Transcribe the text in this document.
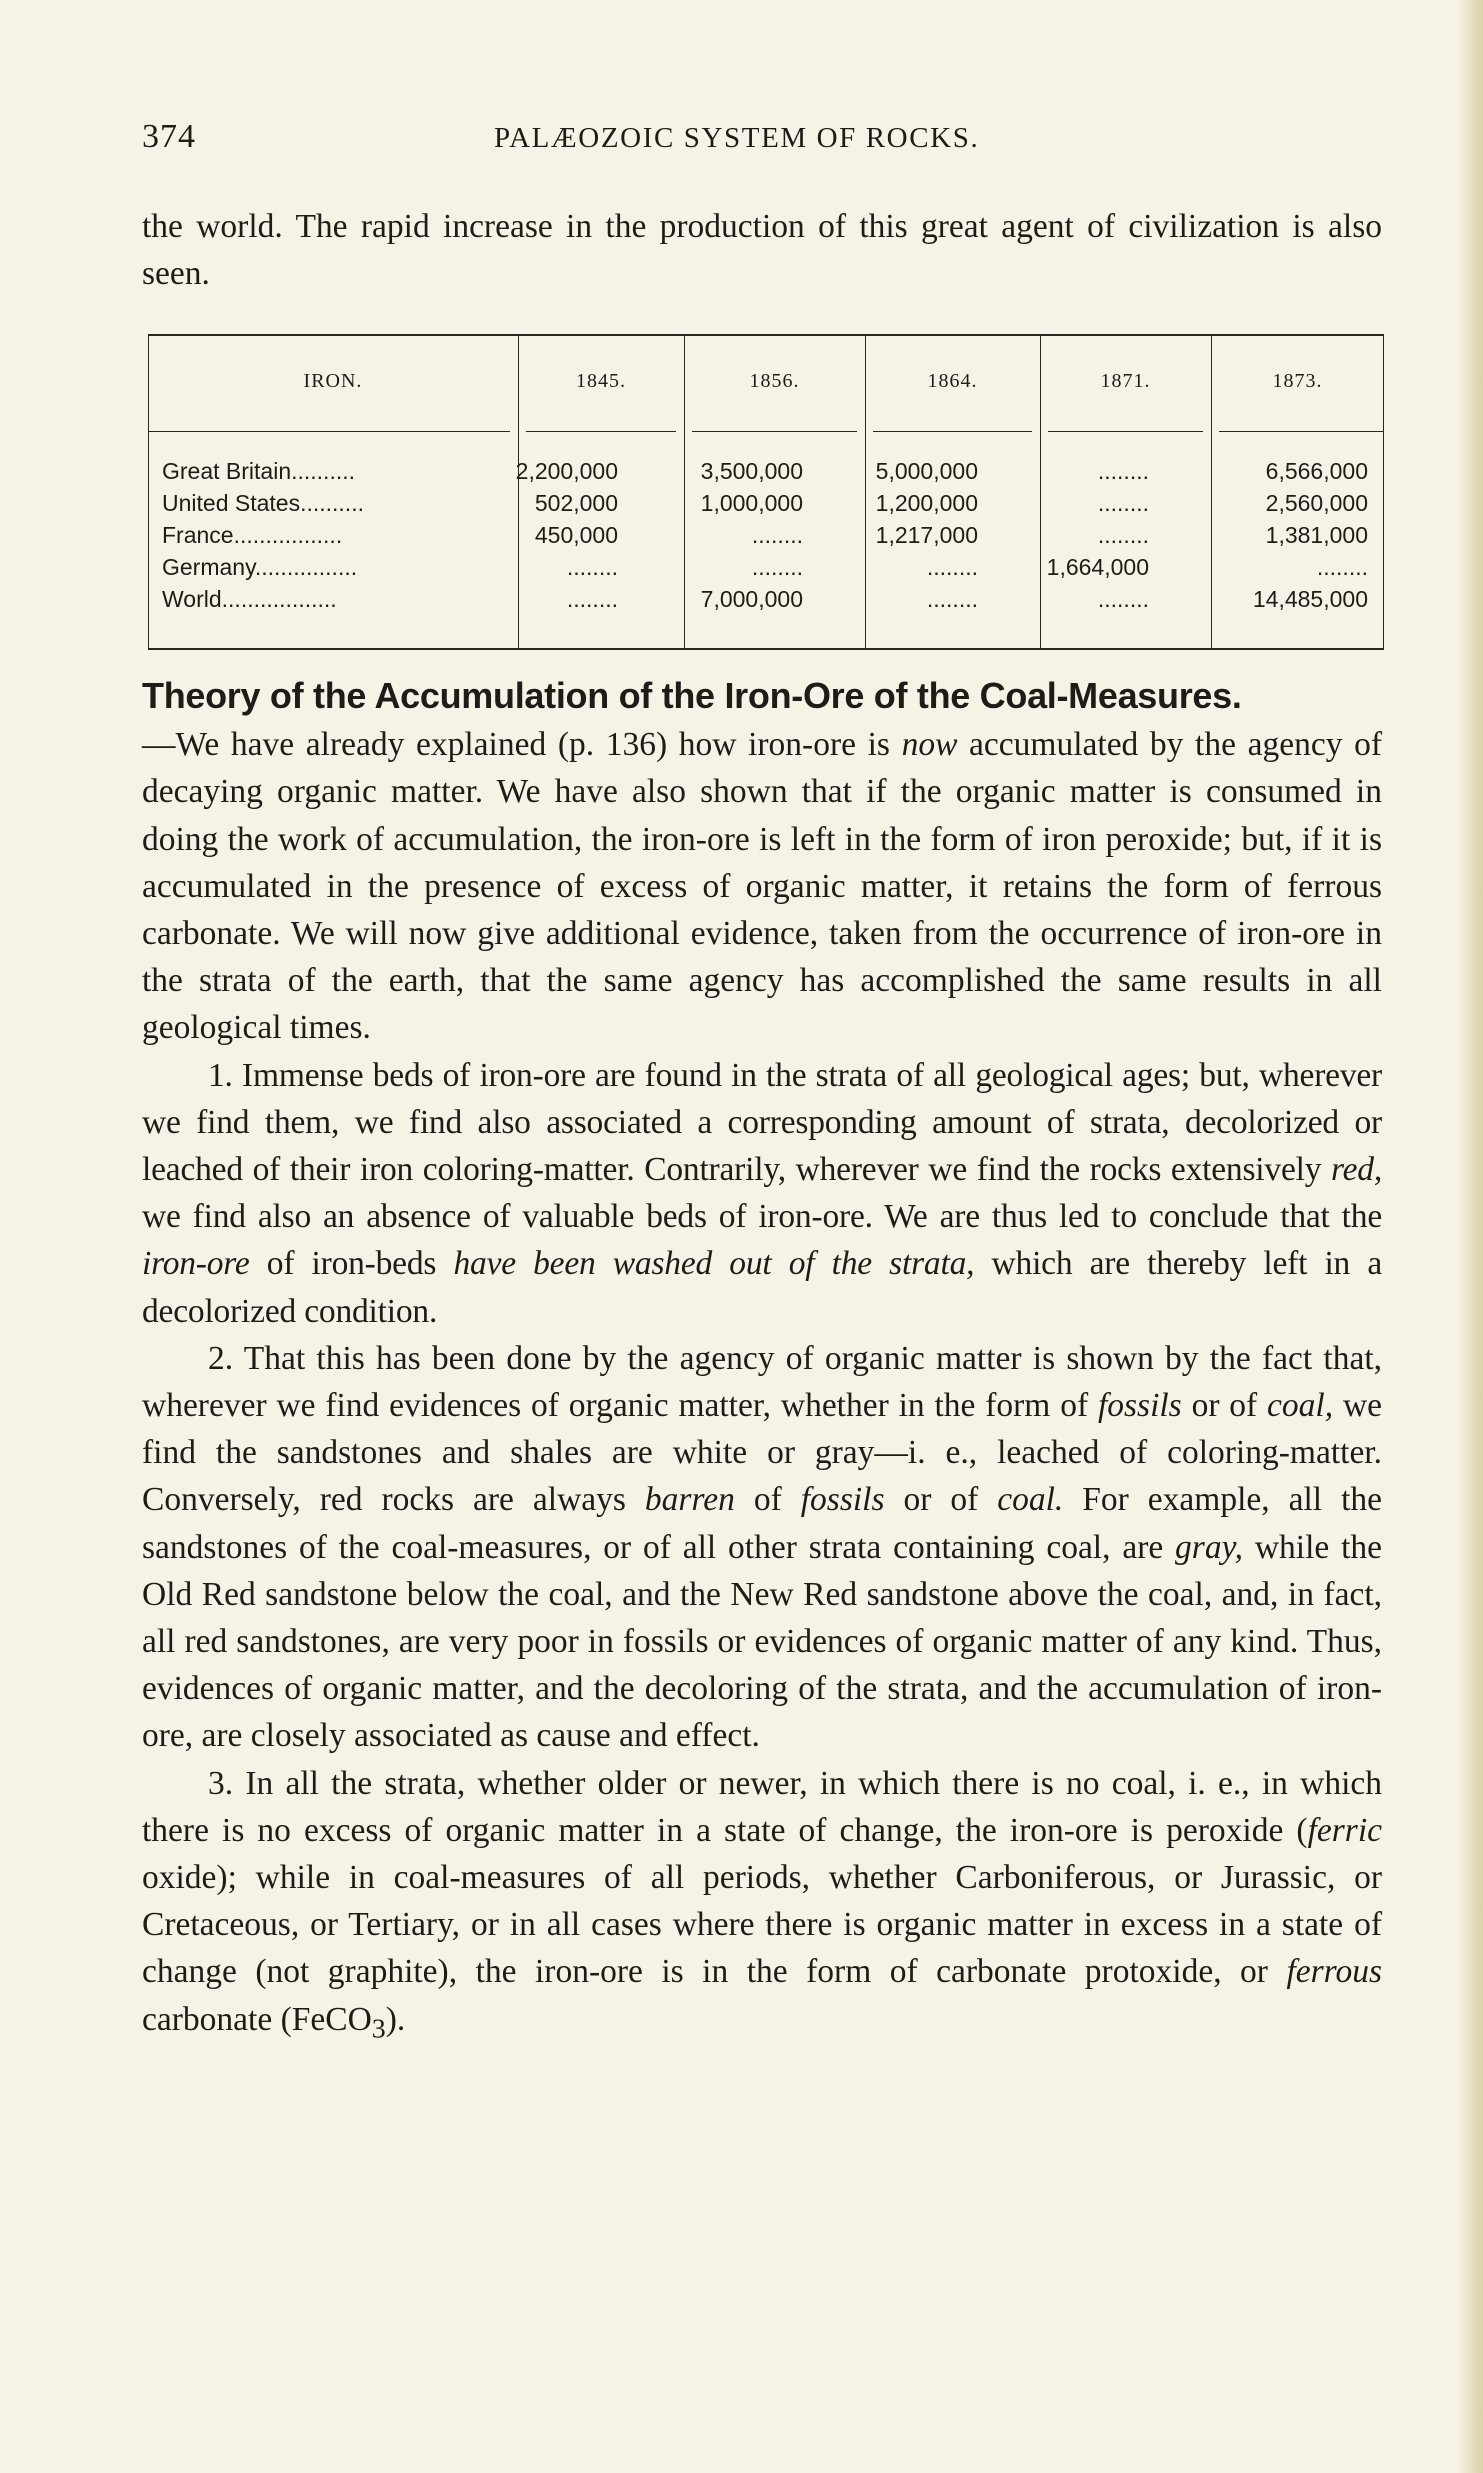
374	PALÆOZOIC SYSTEM OF ROCKS.

the world. The rapid increase in the production of this great agent of civilization is also seen.

IRON.	1845.	1856.	1864.	1871.	1873.
Great Britain..........	2,200,000	3,500,000	5,000,000	........	6,566,000
United States..........	502,000	1,000,000	1,200,000	........	2,560,000
France.................	450,000	........	1,217,000	........	1,381,000
Germany................	........	........	........	1,664,000	........
World..................	........	7,000,000	........	........	14,485,000

Theory of the Accumulation of the Iron-Ore of the Coal-Measures.
—We have already explained (p. 136) how iron-ore is now accumulated by the agency of decaying organic matter. We have also shown that if the organic matter is consumed in doing the work of accumulation, the iron-ore is left in the form of iron peroxide; but, if it is accumulated in the presence of excess of organic matter, it retains the form of ferrous carbonate. We will now give additional evidence, taken from the occurrence of iron-ore in the strata of the earth, that the same agency has accomplished the same results in all geological times.

1. Immense beds of iron-ore are found in the strata of all geological ages; but, wherever we find them, we find also associated a corresponding amount of strata, decolorized or leached of their iron coloring-matter. Contrarily, wherever we find the rocks extensively red, we find also an absence of valuable beds of iron-ore. We are thus led to conclude that the iron-ore of iron-beds have been washed out of the strata, which are thereby left in a decolorized condition.

2. That this has been done by the agency of organic matter is shown by the fact that, wherever we find evidences of organic matter, whether in the form of fossils or of coal, we find the sandstones and shales are white or gray—i. e., leached of coloring-matter. Conversely, red rocks are always barren of fossils or of coal. For example, all the sandstones of the coal-measures, or of all other strata containing coal, are gray, while the Old Red sandstone below the coal, and the New Red sandstone above the coal, and, in fact, all red sandstones, are very poor in fossils or evidences of organic matter of any kind. Thus, evidences of organic matter, and the decoloring of the strata, and the accumulation of iron-ore, are closely associated as cause and effect.

3. In all the strata, whether older or newer, in which there is no coal, i. e., in which there is no excess of organic matter in a state of change, the iron-ore is peroxide (ferric oxide); while in coal-measures of all periods, whether Carboniferous, or Jurassic, or Cretaceous, or Tertiary, or in all cases where there is organic matter in excess in a state of change (not graphite), the iron-ore is in the form of carbonate protoxide, or ferrous carbonate (FeCO$_3$).
